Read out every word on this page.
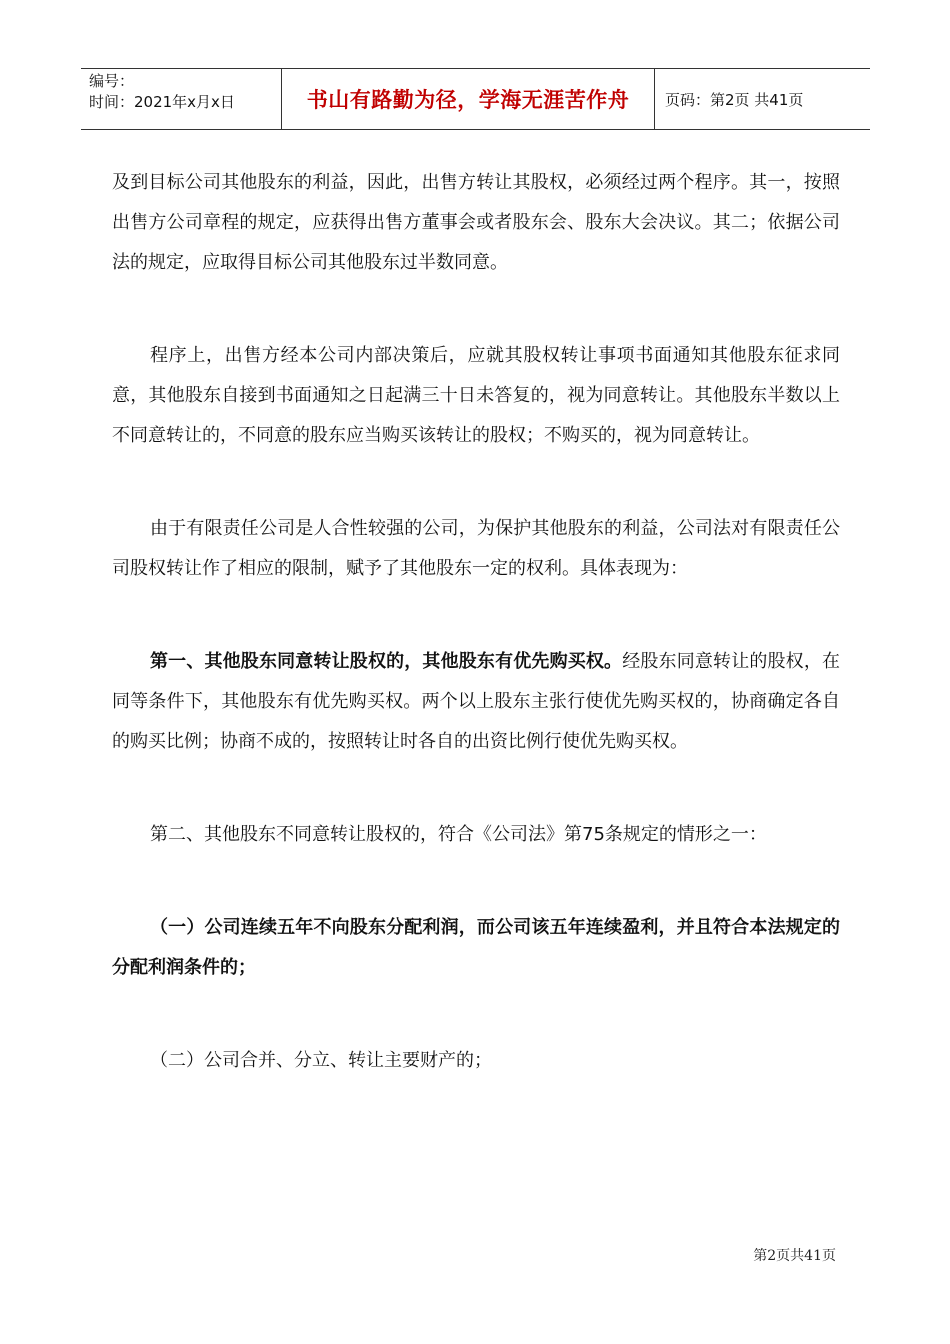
编号：
时间：2021年x月x日	书山有路勤为径，学海无涯苦作舟	页码：第2页 共41页

及到目标公司其他股东的利益，因此，出售方转让其股权，必须经过两个程序。其一，按照出售方公司章程的规定，应获得出售方董事会或者股东会、股东大会决议。其二；依据公司法的规定，应取得目标公司其他股东过半数同意。

程序上，出售方经本公司内部决策后，应就其股权转让事项书面通知其他股东征求同意，其他股东自接到书面通知之日起满三十日未答复的，视为同意转让。其他股东半数以上不同意转让的，不同意的股东应当购买该转让的股权；不购买的，视为同意转让。

由于有限责任公司是人合性较强的公司，为保护其他股东的利益，公司法对有限责任公司股权转让作了相应的限制，赋予了其他股东一定的权利。具体表现为：

第一、其他股东同意转让股权的，其他股东有优先购买权。经股东同意转让的股权，在同等条件下，其他股东有优先购买权。两个以上股东主张行使优先购买权的，协商确定各自的购买比例；协商不成的，按照转让时各自的出资比例行使优先购买权。

第二、其他股东不同意转让股权的，符合《公司法》第75条规定的情形之一：

（一）公司连续五年不向股东分配利润，而公司该五年连续盈利，并且符合本法规定的分配利润条件的；

（二）公司合并、分立、转让主要财产的；

第2页共41页
